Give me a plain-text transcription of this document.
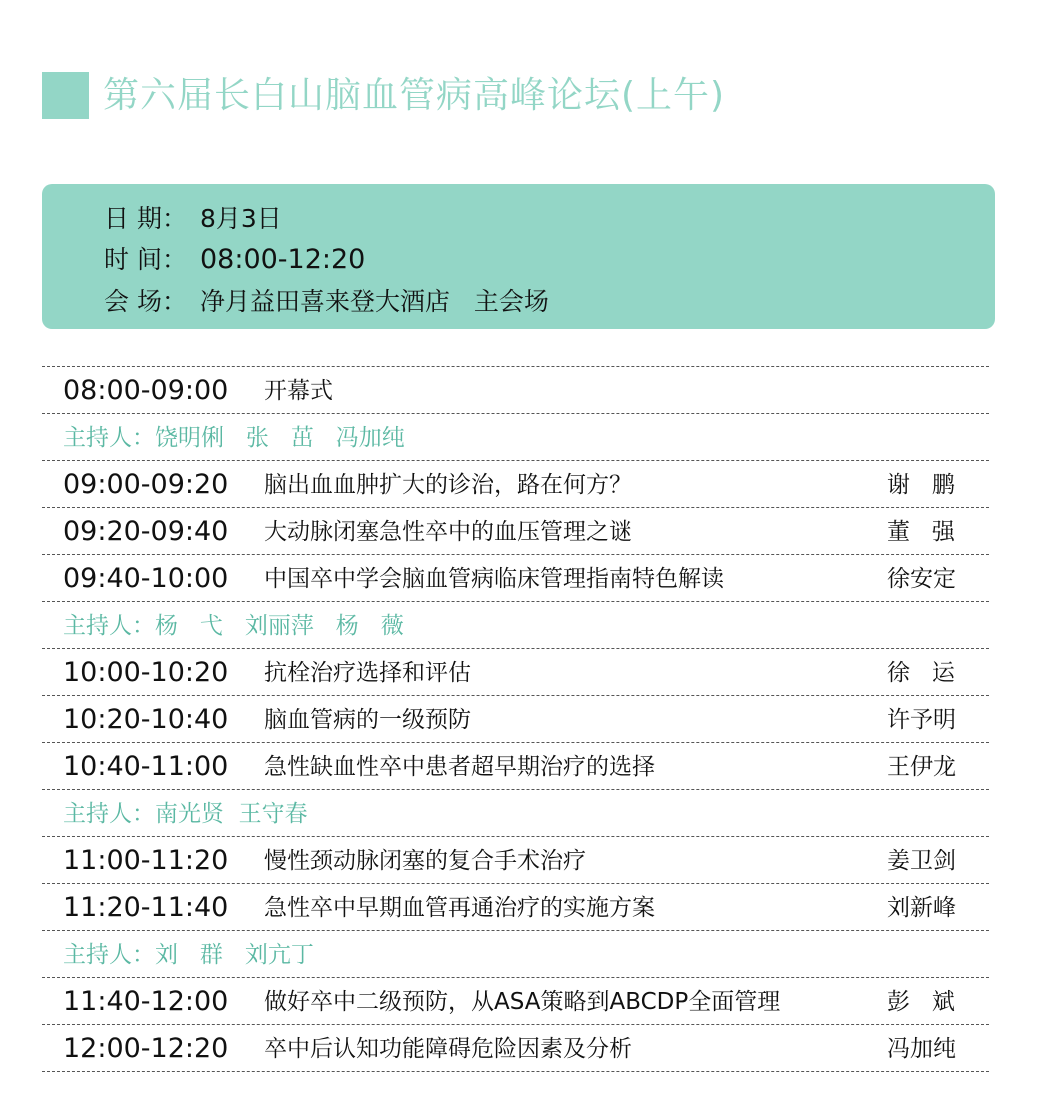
第六届长白山脑血管病高峰论坛(上午)
日 期： 8月3日
时 间： 08:00-12:20
会 场： 净月益田喜来登大酒店   主会场
08:00-09:00 开幕式
主持人：饶明俐   张   茁   冯加纯
09:00-09:20 脑出血血肿扩大的诊治，路在何方？	谢   鹏
09:20-09:40 大动脉闭塞急性卒中的血压管理之谜	董   强
09:40-10:00 中国卒中学会脑血管病临床管理指南特色解读	徐安定
主持人：杨   弋   刘丽萍   杨   薇
10:00-10:20 抗栓治疗选择和评估	徐   运
10:20-10:40 脑血管病的一级预防	许予明
10:40-11:00 急性缺血性卒中患者超早期治疗的选择	王伊龙
主持人：南光贤  王守春
11:00-11:20 慢性颈动脉闭塞的复合手术治疗	姜卫剑
11:20-11:40 急性卒中早期血管再通治疗的实施方案	刘新峰
主持人：刘   群   刘亢丁
11:40-12:00 做好卒中二级预防，从ASA策略到ABCDP全面管理	彭   斌
12:00-12:20 卒中后认知功能障碍危险因素及分析	冯加纯
